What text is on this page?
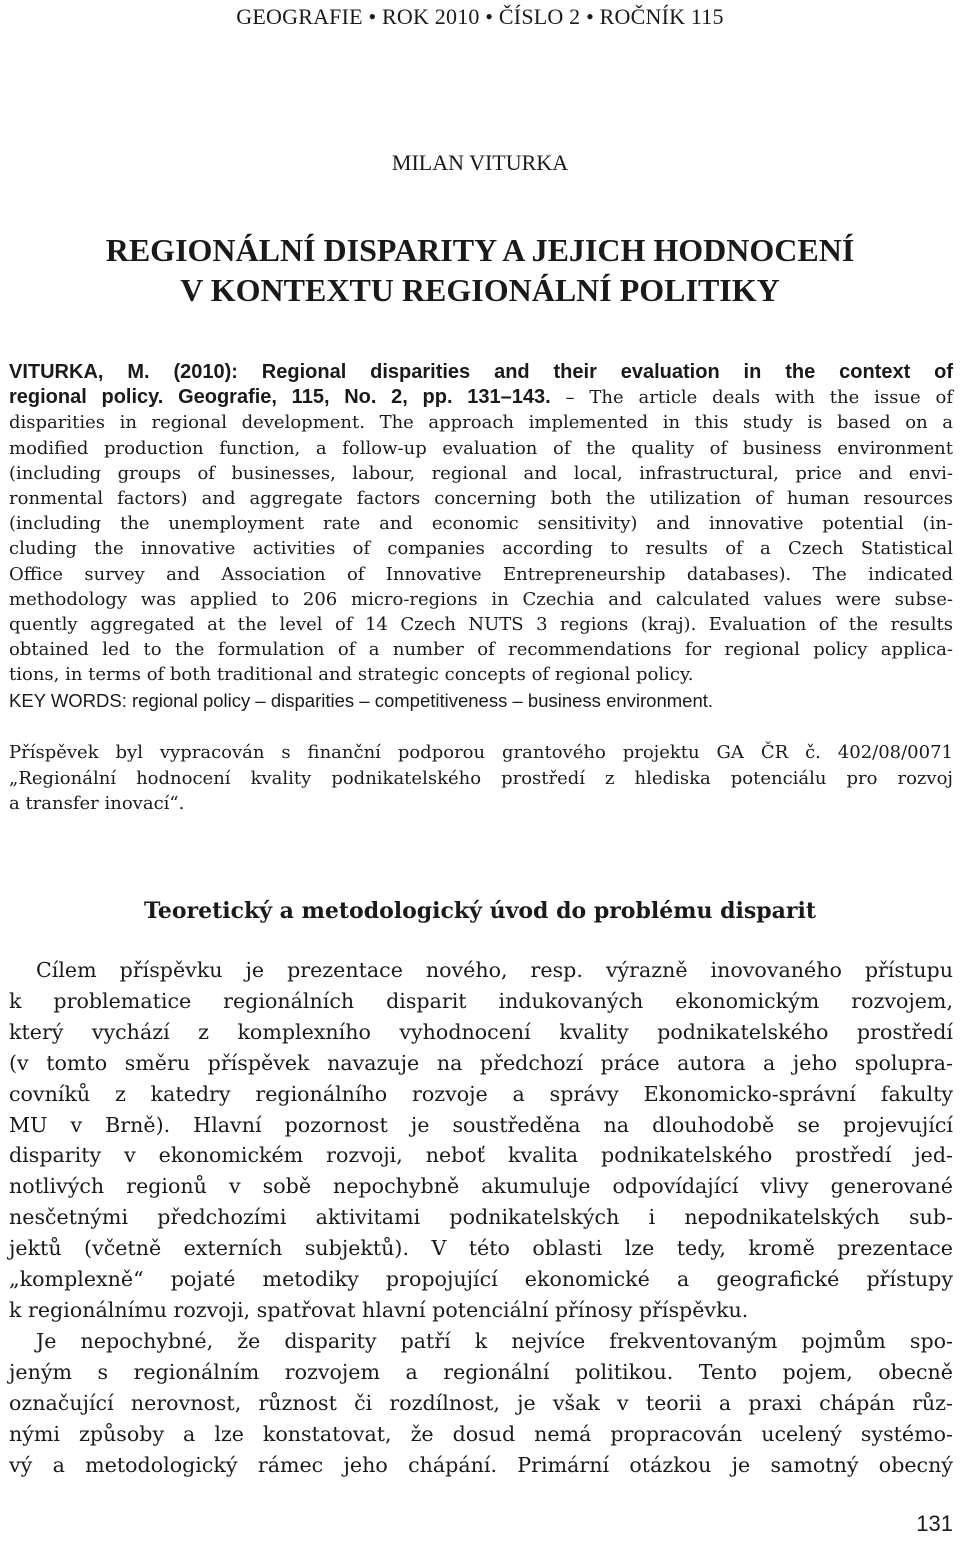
GEOGRAFIE • ROK 2010 • ČÍSLO 2 • ROČNÍK 115
MILAN VITURKA
REGIONÁLNÍ DISPARITY A JEJICH HODNOCENÍ
V KONTEXTU REGIONÁLNÍ POLITIKY
VITURKA, M. (2010): Regional disparities and their evaluation in the context of
regional policy. Geografie, 115, No. 2, pp. 131–143. – The article deals with the issue of
disparities in regional development. The approach implemented in this study is based on a
modified production function, a follow-up evaluation of the quality of business environment
(including groups of businesses, labour, regional and local, infrastructural, price and envi-
ronmental factors) and aggregate factors concerning both the utilization of human resources
(including the unemployment rate and economic sensitivity) and innovative potential (in-
cluding the innovative activities of companies according to results of a Czech Statistical
Office survey and Association of Innovative Entrepreneurship databases). The indicated
methodology was applied to 206 micro-regions in Czechia and calculated values were subse-
quently aggregated at the level of 14 Czech NUTS 3 regions (kraj). Evaluation of the results
obtained led to the formulation of a number of recommendations for regional policy applica-
tions, in terms of both traditional and strategic concepts of regional policy.
KEY WORDS: regional policy – disparities – competitiveness – business environment.
Příspěvek byl vypracován s finanční podporou grantového projektu GA ČR č. 402/08/0071
„Regionální hodnocení kvality podnikatelského prostředí z hlediska potenciálu pro rozvoj
a transfer inovací“.
Teoretický a metodologický úvod do problému disparit
Cílem příspěvku je prezentace nového, resp. výrazně inovovaného přístupu
k problematice regionálních disparit indukovaných ekonomickým rozvojem,
který vychází z komplexního vyhodnocení kvality podnikatelského prostředí
(v tomto směru příspěvek navazuje na předchozí práce autora a jeho spolupra-
covníků z katedry regionálního rozvoje a správy Ekonomicko-správní fakulty
MU v Brně). Hlavní pozornost je soustředěna na dlouhodobě se projevující
disparity v ekonomickém rozvoji, neboť kvalita podnikatelského prostředí jed-
notlivých regionů v sobě nepochybně akumuluje odpovídající vlivy generované
nesčetnými předchozími aktivitami podnikatelských i nepodnikatelských sub-
jektů (včetně externích subjektů). V této oblasti lze tedy, kromě prezentace
„komplexně“ pojaté metodiky propojující ekonomické a geografické přístupy
k regionálnímu rozvoji, spatřovat hlavní potenciální přínosy příspěvku.
Je nepochybné, že disparity patří k nejvíce frekventovaným pojmům spo-
jeným s regionálním rozvojem a regionální politikou. Tento pojem, obecně
označující nerovnost, různost či rozdílnost, je však v teorii a praxi chápán růz-
nými způsoby a lze konstatovat, že dosud nemá propracován ucelený systémo-
vý a metodologický rámec jeho chápání. Primární otázkou je samotný obecný
131
